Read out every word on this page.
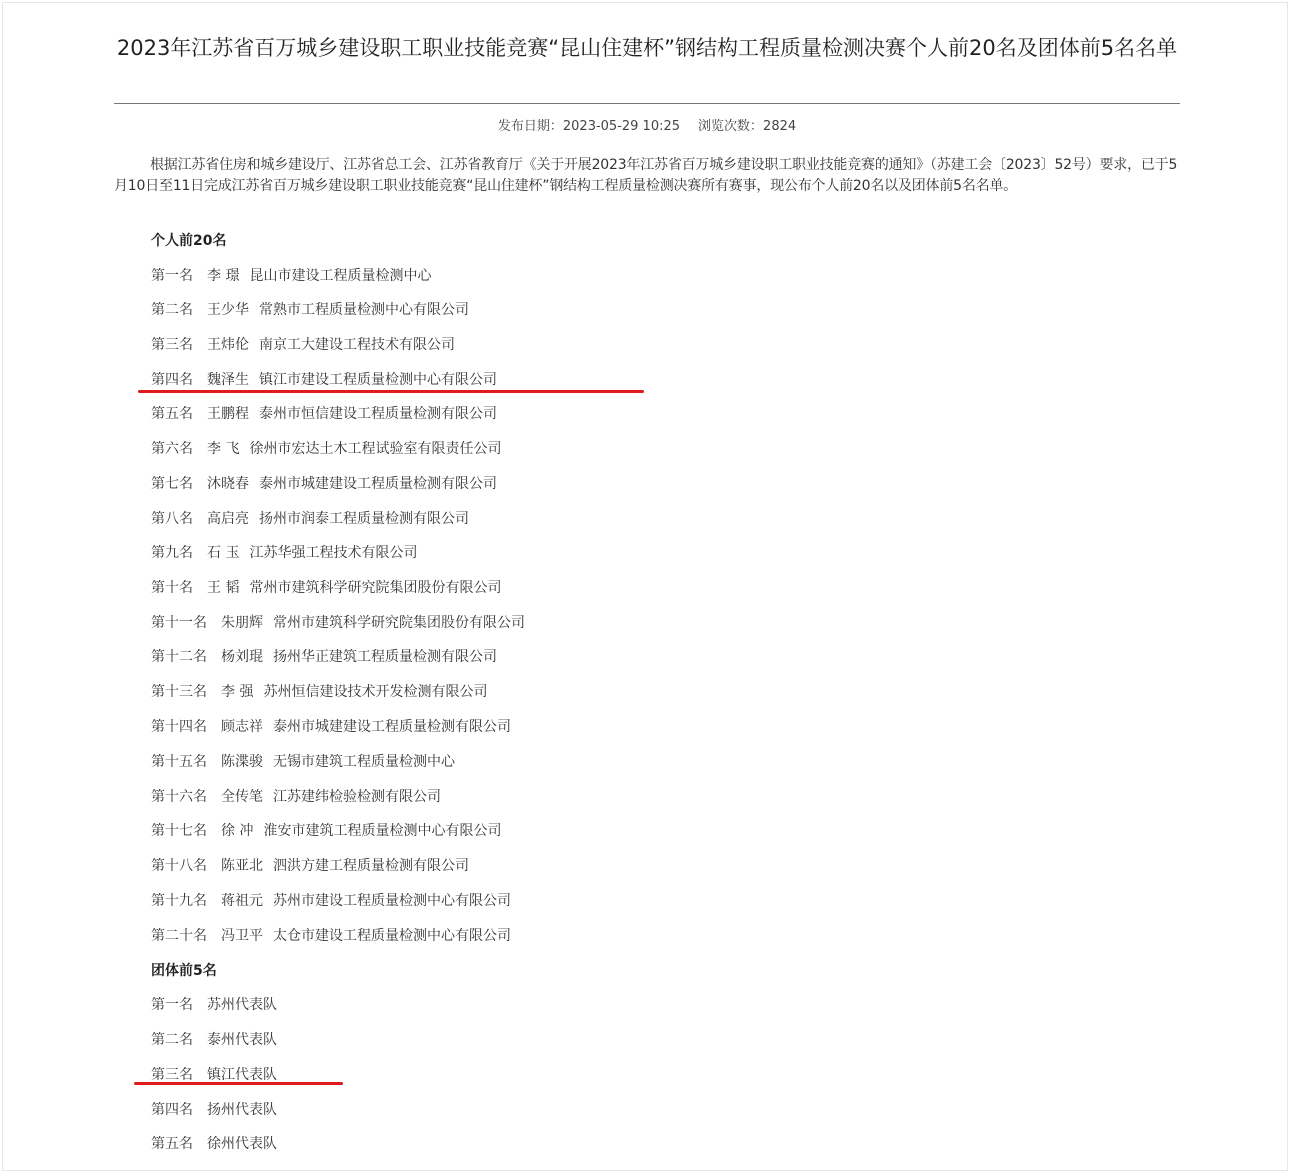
2023年江苏省百万城乡建设职工职业技能竞赛“昆山住建杯”钢结构工程质量检测决赛个人前20名及团体前5名名单
发布日期：2023-05-29 10:25 浏览次数：2824

根据江苏省住房和城乡建设厅、江苏省总工会、江苏省教育厅《关于开展2023年江苏省百万城乡建设职工职业技能竞赛的通知》（苏建工会〔2023〕52号）要求，已于5月10日至11日完成江苏省百万城乡建设职工职业技能竞赛“昆山住建杯”钢结构工程质量检测决赛所有赛事，现公布个人前20名以及团体前5名名单。

个人前20名
第一名 李 璟 昆山市建设工程质量检测中心
第二名 王少华 常熟市工程质量检测中心有限公司
第三名 王炜伦 南京工大建设工程技术有限公司
第四名 魏泽生 镇江市建设工程质量检测中心有限公司
第五名 王鹏程 泰州市恒信建设工程质量检测有限公司
第六名 李 飞 徐州市宏达土木工程试验室有限责任公司
第七名 沐晓春 泰州市城建建设工程质量检测有限公司
第八名 高启亮 扬州市润泰工程质量检测有限公司
第九名 石 玉 江苏华强工程技术有限公司
第十名 王 韬 常州市建筑科学研究院集团股份有限公司
第十一名 朱朋辉 常州市建筑科学研究院集团股份有限公司
第十二名 杨刘琨 扬州华正建筑工程质量检测有限公司
第十三名 李 强 苏州恒信建设技术开发检测有限公司
第十四名 顾志祥 泰州市城建建设工程质量检测有限公司
第十五名 陈渫骏 无锡市建筑工程质量检测中心
第十六名 全传笔 江苏建纬检验检测有限公司
第十七名 徐 冲 淮安市建筑工程质量检测中心有限公司
第十八名 陈亚北 泗洪方建工程质量检测有限公司
第十九名 蒋祖元 苏州市建设工程质量检测中心有限公司
第二十名 冯卫平 太仓市建设工程质量检测中心有限公司
团体前5名
第一名 苏州代表队
第二名 泰州代表队
第三名 镇江代表队
第四名 扬州代表队
第五名 徐州代表队
